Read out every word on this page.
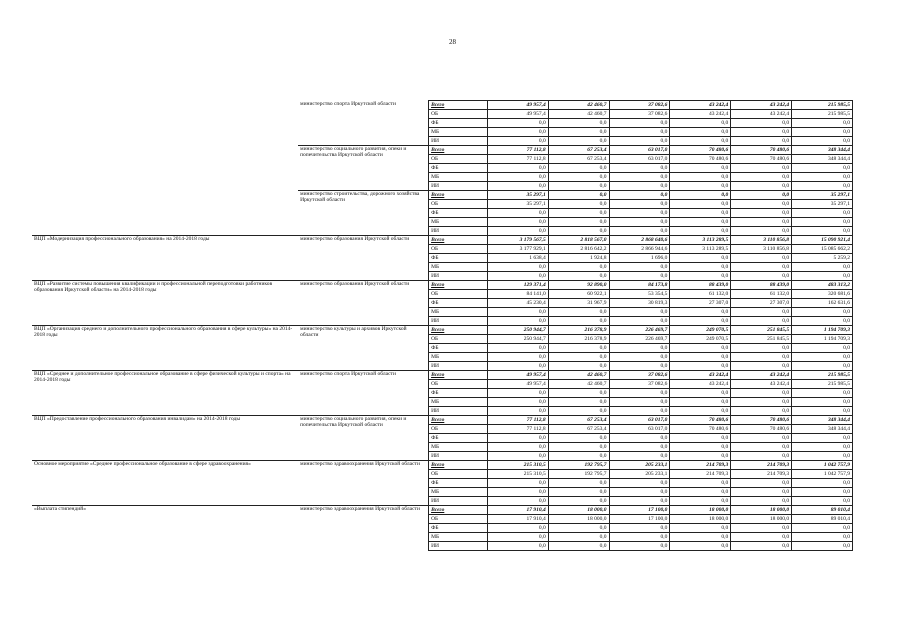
28
	министерство спорта Иркутской области	Всего	49 957,4	42 460,7	37 082,6	43 242,4	43 242,4	215 985,5
		ОБ	49 957,4	42 460,7	37 082,6	43 242,4	43 242,4	215 985,5
		ФБ	0,0	0,0	0,0	0,0	0,0	0,0
		МБ	0,0	0,0	0,0	0,0	0,0	0,0
		ИИ	0,0	0,0	0,0	0,0	0,0	0,0
	министерство социального развития, опеки и попечительства Иркутской области	Всего	77 112,8	67 253,4	63 017,0	70 480,6	70 480,6	348 344,4
		ОБ	77 112,8	67 253,4	63 017,0	70 480,6	70 480,6	348 344,4
		ФБ	0,0	0,0	0,0	0,0	0,0	0,0
		МБ	0,0	0,0	0,0	0,0	0,0	0,0
		ИИ	0,0	0,0	0,0	0,0	0,0	0,0
	министерство строительства, дорожного хозяйства Иркутской области	Всего	35 297,1	0,0	0,0	0,0	0,0	35 297,1
		ОБ	35 297,1	0,0	0,0	0,0	0,0	35 297,1
		ФБ	0,0	0,0	0,0	0,0	0,0	0,0
		МБ	0,0	0,0	0,0	0,0	0,0	0,0
		ИИ	0,0	0,0	0,0	0,0	0,0	0,0
ВЦП «Модернизация профессионального образования» на 2014-2018 годы	министерство образования Иркутской области	Всего	3 179 567,5	2 818 567,0	2 868 640,6	3 113 289,5	3 110 856,8	15 090 921,4
		ОБ	3 177 929,1	2 816 642,2	2 866 944,6	3 113 289,5	3 110 856,8	15 085 662,2
		ФБ	1 638,4	1 924,8	1 696,0	0,0	0,0	5 259,2
		МБ	0,0	0,0	0,0	0,0	0,0	0,0
		ИИ	0,0	0,0	0,0	0,0	0,0	0,0
ВЦП «Развитие системы повышения квалификации и профессиональной переподготовки работников образования Иркутской области» на 2014-2018 годы	министерство образования Иркутской области	Всего	129 371,4	92 890,0	84 173,8	88 439,0	88 439,0	483 313,2
		ОБ	84 141,0	60 922,1	53 354,5	61 132,0	61 132,0	320 681,6
		ФБ	45 230,4	31 967,9	30 819,3	27 307,0	27 307,0	162 631,6
		МБ	0,0	0,0	0,0	0,0	0,0	0,0
		ИИ	0,0	0,0	0,0	0,0	0,0	0,0
ВЦП «Организация среднего и дополнительного профессионального образования в сфере культуры» на 2014-2018 годы	министерство культуры и архивов Иркутской области	Всего	250 944,7	216 378,9	226 469,7	249 070,5	251 845,5	1 194 709,3
		ОБ	250 944,7	216 378,9	226 469,7	249 070,5	251 845,5	1 194 709,3
		ФБ	0,0	0,0	0,0	0,0	0,0	0,0
		МБ	0,0	0,0	0,0	0,0	0,0	0,0
		ИИ	0,0	0,0	0,0	0,0	0,0	0,0
ВЦП «Среднее и дополнительное профессиональное образование в сфере физической культуры и спорта» на 2014-2018 годы	министерство спорта Иркутской области	Всего	49 957,4	42 460,7	37 082,6	43 242,4	43 242,4	215 985,5
		ОБ	49 957,4	42 460,7	37 082,6	43 242,4	43 242,4	215 985,5
		ФБ	0,0	0,0	0,0	0,0	0,0	0,0
		МБ	0,0	0,0	0,0	0,0	0,0	0,0
		ИИ	0,0	0,0	0,0	0,0	0,0	0,0
ВЦП «Предоставление профессионального образования инвалидам» на 2014-2018 годы	министерство социального развития, опеки и попечительства Иркутской области	Всего	77 112,8	67 253,4	63 017,0	70 480,6	70 480,6	348 344,4
		ОБ	77 112,8	67 253,4	63 017,0	70 480,6	70 480,6	348 344,4
		ФБ	0,0	0,0	0,0	0,0	0,0	0,0
		МБ	0,0	0,0	0,0	0,0	0,0	0,0
		ИИ	0,0	0,0	0,0	0,0	0,0	0,0
Основное мероприятие «Среднее профессиональное образование в сфере здравоохранения»	министерство здравоохранения Иркутской области	Всего	215 310,5	192 795,7	205 233,1	214 709,3	214 709,3	1 042 757,9
		ОБ	215 310,5	192 795,7	205 233,1	214 709,3	214 709,3	1 042 757,9
		ФБ	0,0	0,0	0,0	0,0	0,0	0,0
		МБ	0,0	0,0	0,0	0,0	0,0	0,0
		ИИ	0,0	0,0	0,0	0,0	0,0	0,0
«Выплата стипендий»	министерство здравоохранения Иркутской области	Всего	17 910,4	18 000,0	17 100,0	18 000,0	18 000,0	89 010,4
		ОБ	17 910,4	18 000,0	17 100,0	18 000,0	18 000,0	89 010,4
		ФБ	0,0	0,0	0,0	0,0	0,0	0,0
		МБ	0,0	0,0	0,0	0,0	0,0	0,0
		ИИ	0,0	0,0	0,0	0,0	0,0	0,0
